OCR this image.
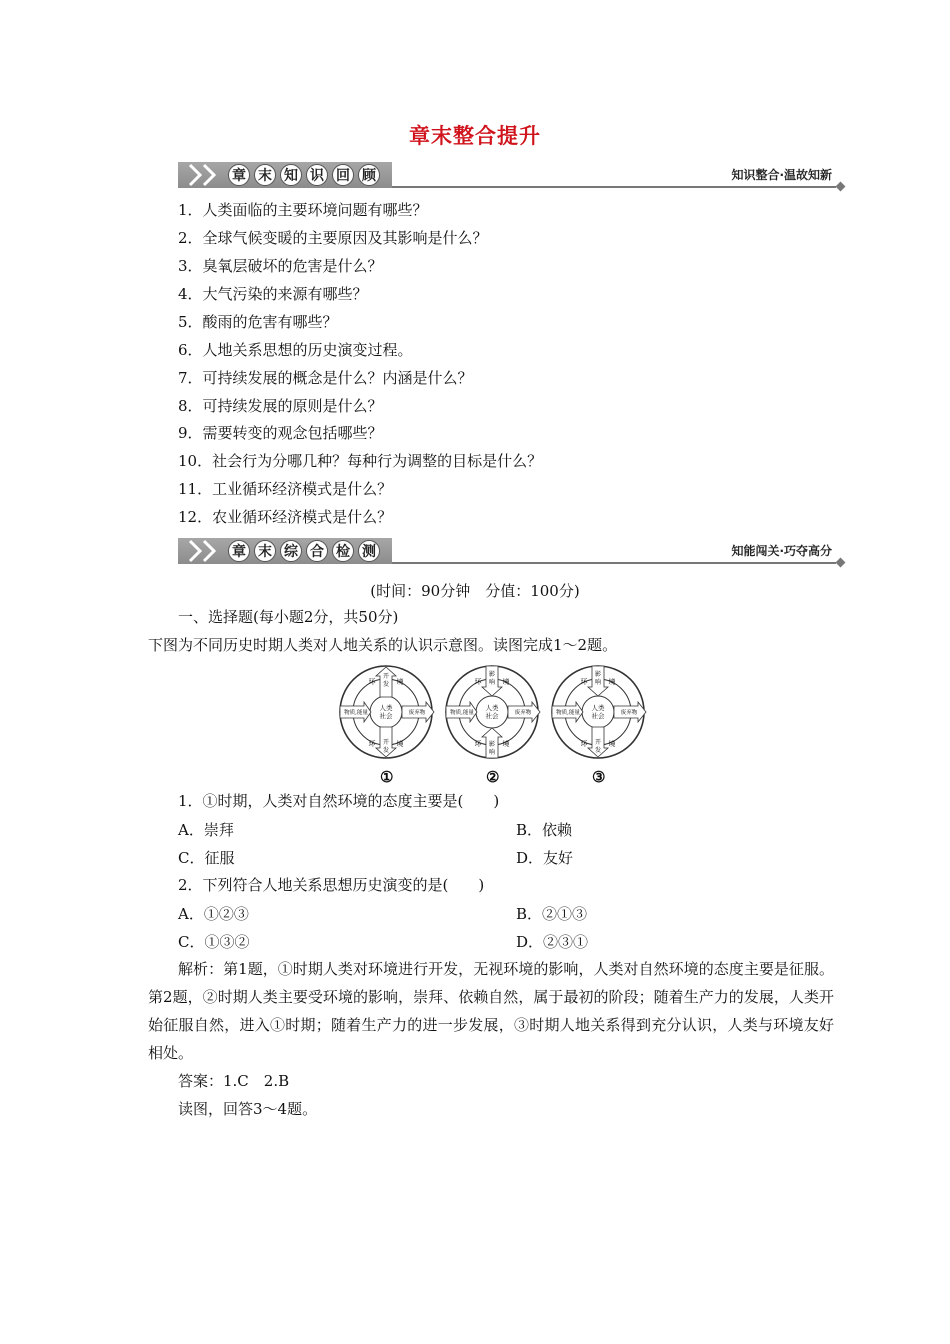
章末整合提升
章 末 知 识 回 顾	知识整合·温故知新
1．人类面临的主要环境问题有哪些？
2．全球气候变暖的主要原因及其影响是什么？
3．臭氧层破坏的危害是什么？
4．大气污染的来源有哪些？
5．酸雨的危害有哪些？
6．人地关系思想的历史演变过程。
7．可持续发展的概念是什么？内涵是什么？
8．可持续发展的原则是什么？
9．需要转变的观念包括哪些？
10．社会行为分哪几种？每种行为调整的目标是什么？
11．工业循环经济模式是什么？
12．农业循环经济模式是什么？
章 末 综 合 检 测	知能闯关·巧夺高分
(时间：90分钟　分值：100分)
一、选择题(每小题2分，共50分)
下图为不同历史时期人类对人地关系的认识示意图。读图完成1～2题。
开
发
开
发
环	境
环	境
人类
社会
物质,能量	废弃物
影
响
影
响
环	境
环	境
人类
社会
物质,能量	废弃物
影
响
开
发
环	境
环	境
人类
社会
物质,能量	废弃物
①	②	③
1．①时期，人类对自然环境的态度主要是(　　)
A．崇拜	B．依赖
C．征服	D．友好
2．下列符合人地关系思想历史演变的是(　　)
A．①②③	B．②①③
C．①③②	D．②③①
解析：第1题，①时期人类对环境进行开发，无视环境的影响，人类对自然环境的态度主要是征服。第2题，②时期人类主要受环境的影响，崇拜、依赖自然，属于最初的阶段；随着生产力的发展，人类开始征服自然，进入①时期；随着生产力的进一步发展，③时期人地关系得到充分认识，人类与环境友好相处。
答案：1.C　2.B
读图，回答3～4题。
